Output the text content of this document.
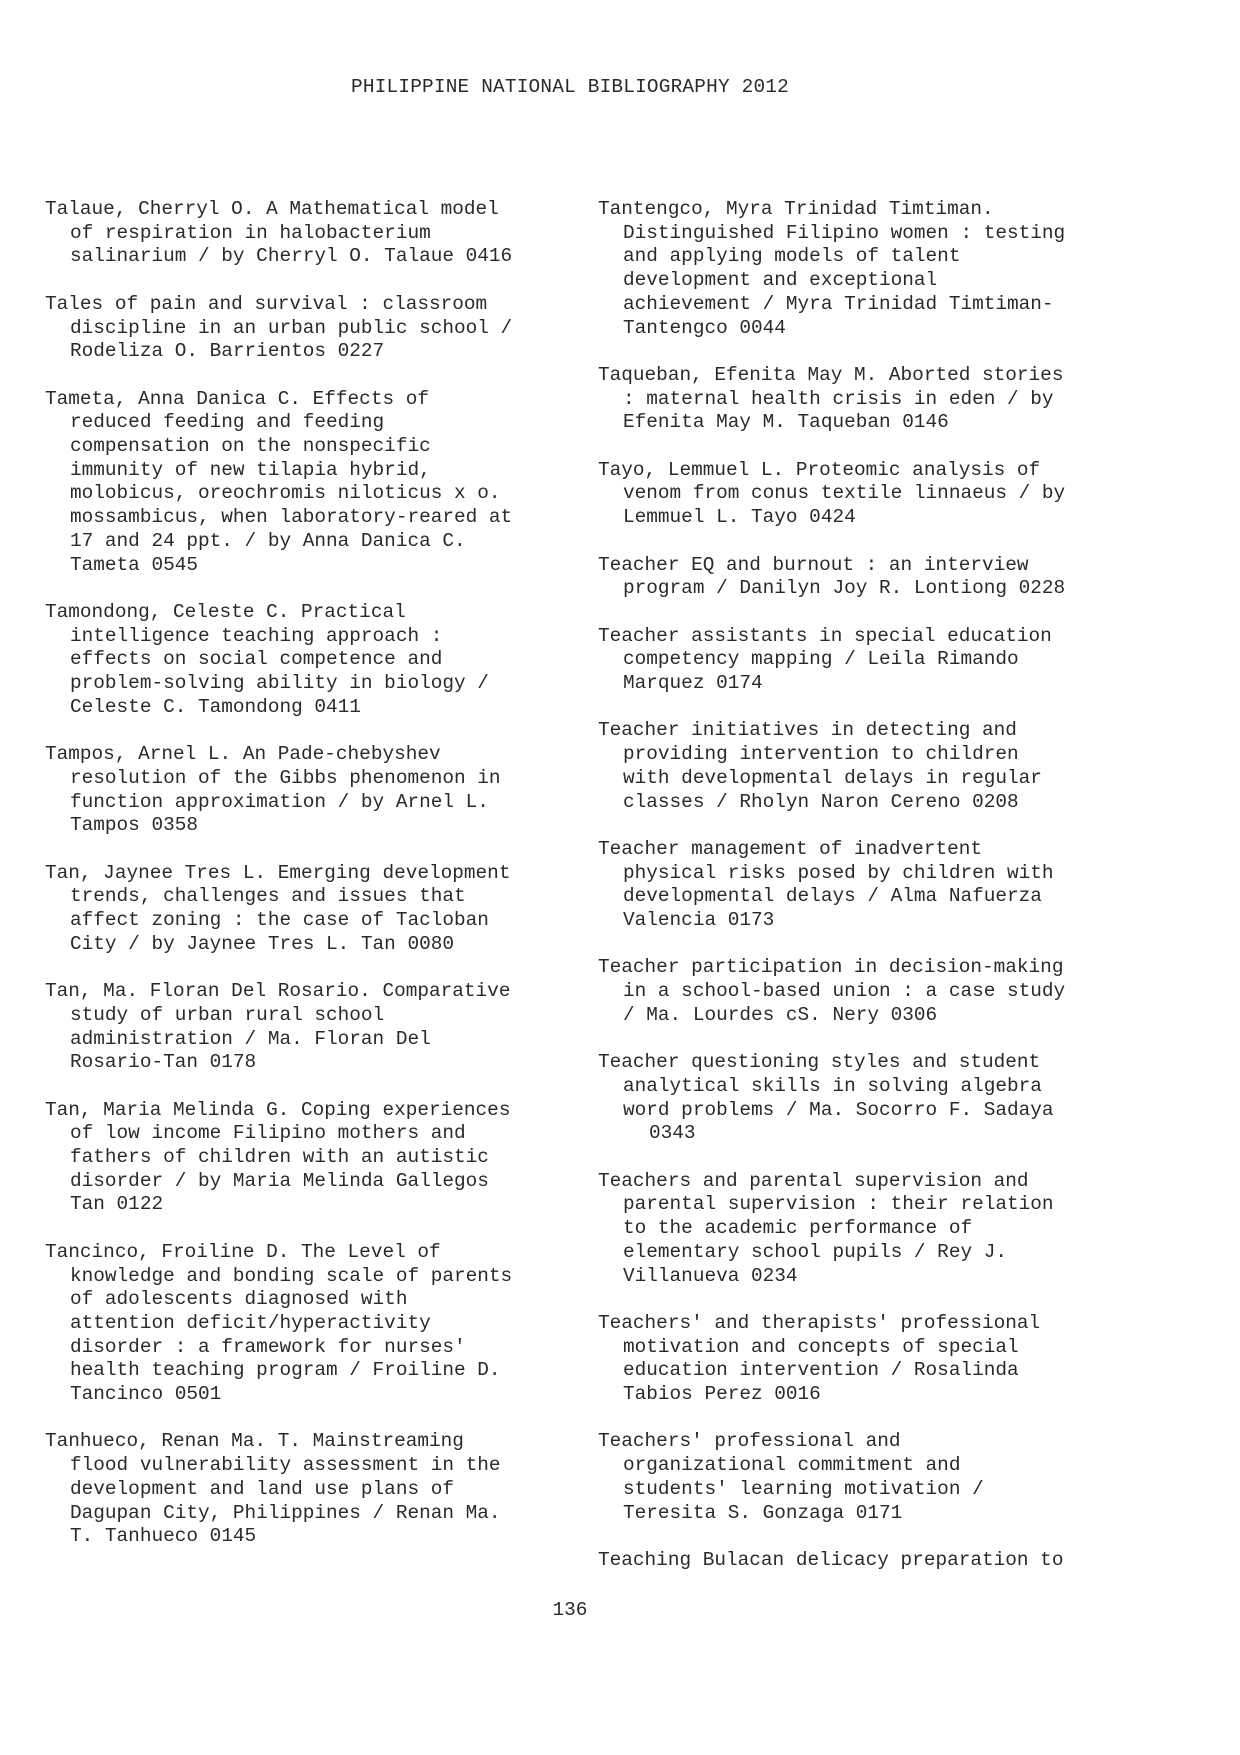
PHILIPPINE NATIONAL BIBLIOGRAPHY 2012
Talaue, Cherryl O. A Mathematical model
of respiration in halobacterium
salinarium / by Cherryl O. Talaue 0416
Tales of pain and survival : classroom
discipline in an urban public school /
Rodeliza O. Barrientos 0227
Tameta, Anna Danica C. Effects of
reduced feeding and feeding
compensation on the nonspecific
immunity of new tilapia hybrid,
molobicus, oreochromis niloticus x o.
mossambicus, when laboratory-reared at
17 and 24 ppt. / by Anna Danica C.
Tameta 0545
Tamondong, Celeste C. Practical
intelligence teaching approach :
effects on social competence and
problem-solving ability in biology /
Celeste C. Tamondong 0411
Tampos, Arnel L. An Pade-chebyshev
resolution of the Gibbs phenomenon in
function approximation / by Arnel L.
Tampos 0358
Tan, Jaynee Tres L. Emerging development
trends, challenges and issues that
affect zoning : the case of Tacloban
City / by Jaynee Tres L. Tan 0080
Tan, Ma. Floran Del Rosario. Comparative
study of urban rural school
administration / Ma. Floran Del
Rosario-Tan 0178
Tan, Maria Melinda G. Coping experiences
of low income Filipino mothers and
fathers of children with an autistic
disorder / by Maria Melinda Gallegos
Tan 0122
Tancinco, Froiline D. The Level of
knowledge and bonding scale of parents
of adolescents diagnosed with
attention deficit/hyperactivity
disorder : a framework for nurses'
health teaching program / Froiline D.
Tancinco 0501
Tanhueco, Renan Ma. T. Mainstreaming
flood vulnerability assessment in the
development and land use plans of
Dagupan City, Philippines / Renan Ma.
T. Tanhueco 0145
Tantengco, Myra Trinidad Timtiman.
Distinguished Filipino women : testing
and applying models of talent
development and exceptional
achievement / Myra Trinidad Timtiman-
Tantengco 0044
Taqueban, Efenita May M. Aborted stories
: maternal health crisis in eden / by
Efenita May M. Taqueban 0146
Tayo, Lemmuel L. Proteomic analysis of
venom from conus textile linnaeus / by
Lemmuel L. Tayo 0424
Teacher EQ and burnout : an interview
program / Danilyn Joy R. Lontiong 0228
Teacher assistants in special education
competency mapping / Leila Rimando
Marquez 0174
Teacher initiatives in detecting and
providing intervention to children
with developmental delays in regular
classes / Rholyn Naron Cereno 0208
Teacher management of inadvertent
physical risks posed by children with
developmental delays / Alma Nafuerza
Valencia 0173
Teacher participation in decision-making
in a school-based union : a case study
/ Ma. Lourdes cS. Nery 0306
Teacher questioning styles and student
analytical skills in solving algebra
word problems / Ma. Socorro F. Sadaya
0343
Teachers and parental supervision and
parental supervision : their relation
to the academic performance of
elementary school pupils / Rey J.
Villanueva 0234
Teachers' and therapists' professional
motivation and concepts of special
education intervention / Rosalinda
Tabios Perez 0016
Teachers' professional and
organizational commitment and
students' learning motivation /
Teresita S. Gonzaga 0171
Teaching Bulacan delicacy preparation to
136
